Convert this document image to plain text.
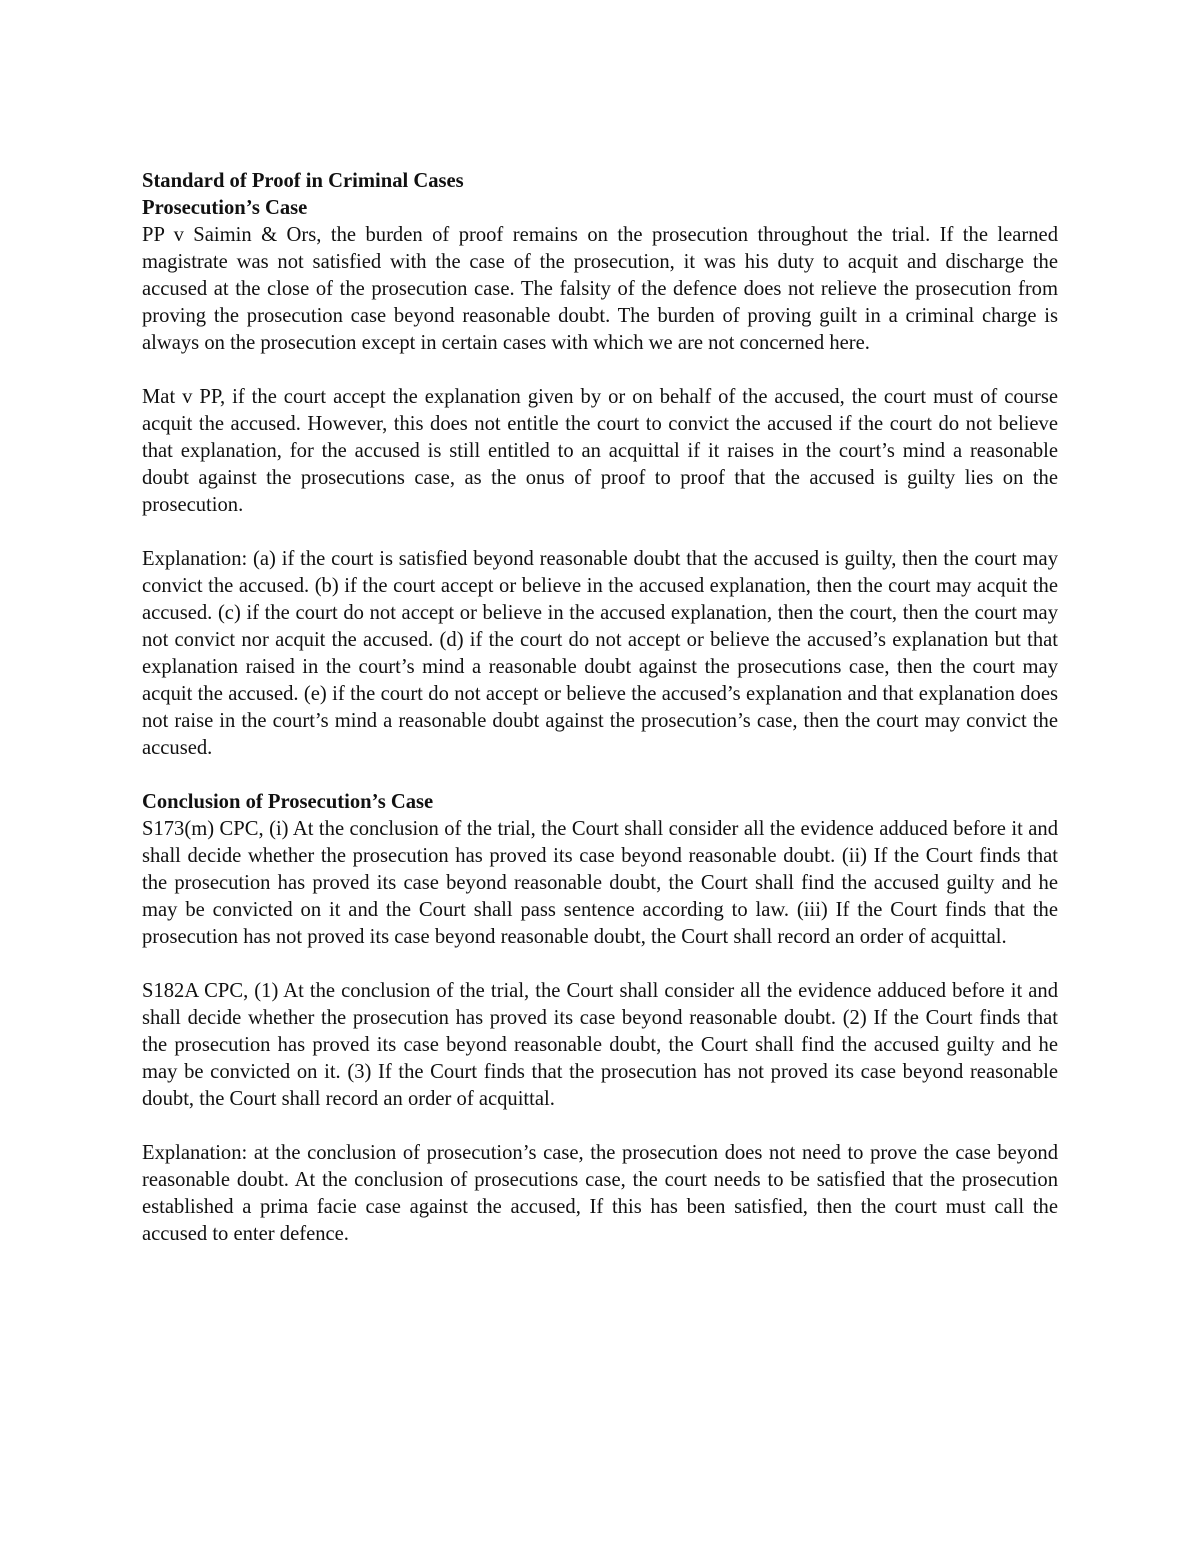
Standard of Proof in Criminal Cases

Prosecution’s Case

PP v Saimin & Ors, the burden of proof remains on the prosecution throughout the trial. If the learned magistrate was not satisfied with the case of the prosecution, it was his duty to acquit and discharge the accused at the close of the prosecution case. The falsity of the defence does not relieve the prosecution from proving the prosecution case beyond reasonable doubt. The burden of proving guilt in a criminal charge is always on the prosecution except in certain cases with which we are not concerned here.

Mat v PP, if the court accept the explanation given by or on behalf of the accused, the court must of course acquit the accused. However, this does not entitle the court to convict the accused if the court do not believe that explanation, for the accused is still entitled to an acquittal if it raises in the court’s mind a reasonable doubt against the prosecutions case, as the onus of proof to proof that the accused is guilty lies on the prosecution.

Explanation: (a) if the court is satisfied beyond reasonable doubt that the accused is guilty, then the court may convict the accused. (b) if the court accept or believe in the accused explanation, then the court may acquit the accused. (c) if the court do not accept or believe in the accused explanation, then the court, then the court may not convict nor acquit the accused. (d) if the court do not accept or believe the accused’s explanation but that explanation raised in the court’s mind a reasonable doubt against the prosecutions case, then the court may acquit the accused. (e) if the court do not accept or believe the accused’s explanation and that explanation does not raise in the court’s mind a reasonable doubt against the prosecution’s case, then the court may convict the accused.

Conclusion of Prosecution’s Case

S173(m) CPC, (i) At the conclusion of the trial, the Court shall consider all the evidence adduced before it and shall decide whether the prosecution has proved its case beyond reasonable doubt. (ii) If the Court finds that the prosecution has proved its case beyond reasonable doubt, the Court shall find the accused guilty and he may be convicted on it and the Court shall pass sentence according to law. (iii) If the Court finds that the prosecution has not proved its case beyond reasonable doubt, the Court shall record an order of acquittal.

S182A CPC, (1) At the conclusion of the trial, the Court shall consider all the evidence adduced before it and shall decide whether the prosecution has proved its case beyond reasonable doubt. (2) If the Court finds that the prosecution has proved its case beyond reasonable doubt, the Court shall find the accused guilty and he may be convicted on it. (3) If the Court finds that the prosecution has not proved its case beyond reasonable doubt, the Court shall record an order of acquittal.

Explanation: at the conclusion of prosecution’s case, the prosecution does not need to prove the case beyond reasonable doubt. At the conclusion of prosecutions case, the court needs to be satisfied that the prosecution established a prima facie case against the accused, If this has been satisfied, then the court must call the accused to enter defence.
